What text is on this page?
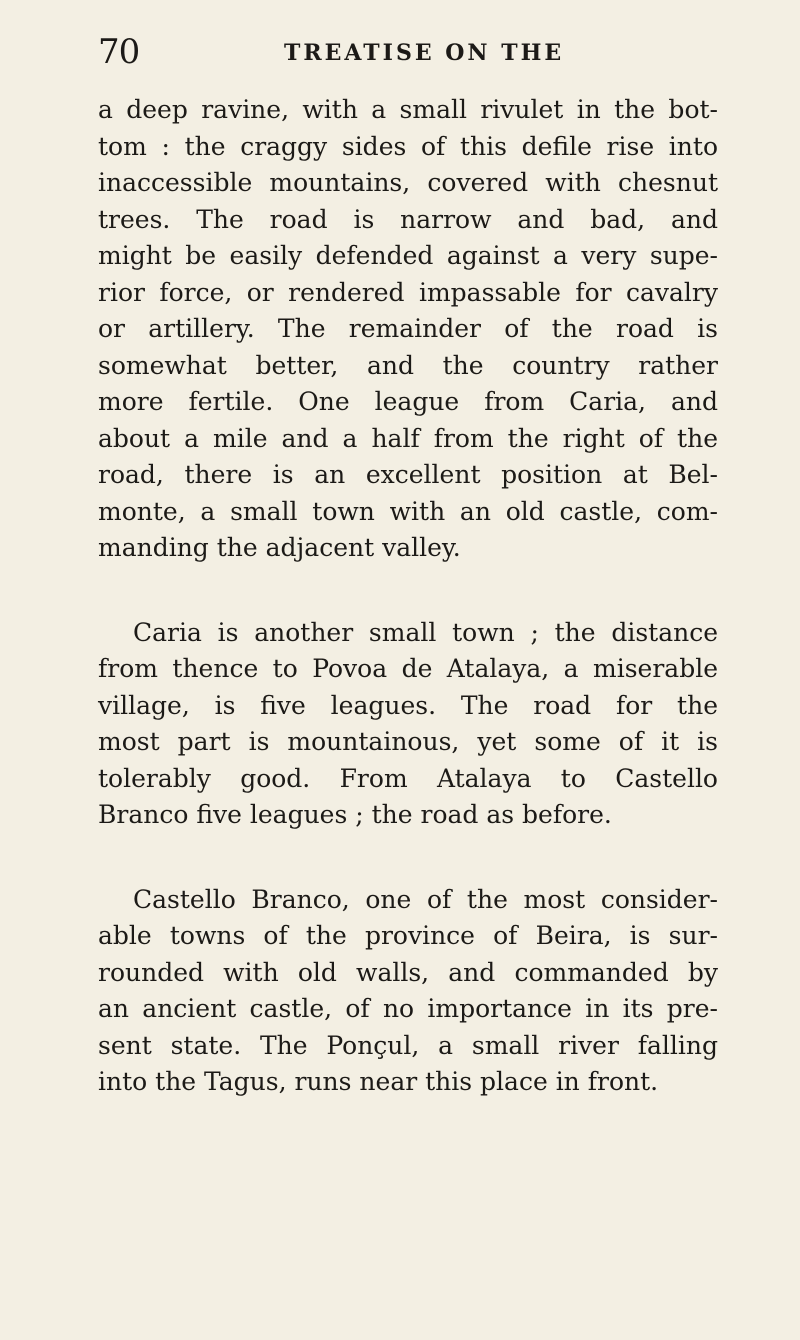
70	TREATISE ON THE
a deep ravine, with a small rivulet in the bot-
tom : the craggy sides of this defile rise into
inaccessible mountains, covered with chesnut
trees. The road is narrow and bad, and
might be easily defended against a very supe-
rior force, or rendered impassable for cavalry
or artillery. The remainder of the road is
somewhat better, and the country rather
more fertile. One league from Caria, and
about a mile and a half from the right of the
road, there is an excellent position at Bel-
monte, a small town with an old castle, com-
manding the adjacent valley.
Caria is another small town ; the distance
from thence to Povoa de Atalaya, a miserable
village, is five leagues. The road for the
most part is mountainous, yet some of it is
tolerably good. From Atalaya to Castello
Branco five leagues ; the road as before.
Castello Branco, one of the most consider-
able towns of the province of Beira, is sur-
rounded with old walls, and commanded by
an ancient castle, of no importance in its pre-
sent state. The Ponçul, a small river falling
into the Tagus, runs near this place in front.
